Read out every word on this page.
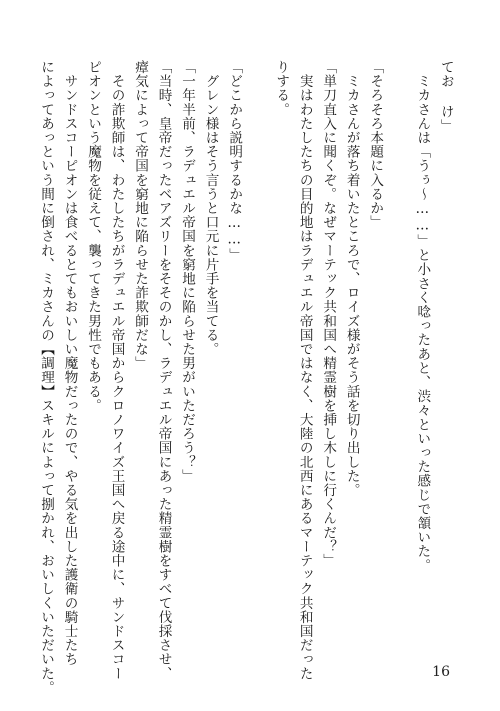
てお け」
　ミカさんは「うぅ〜……」と小さく唸ったあと、渋々といった感じで頷いた。
「そろそろ本題に入るか」
　ミカさんが落ち着いたところで、ロイズ様がそう話を切り出した。
「単刀直入に聞くぞ。なぜマーテック共和国へ精霊樹を挿し木しに行くんだ？」
　実はわたしたちの目的地はラデュエル帝国ではなく、大陸の北西にあるマーテック共和国だった
りする。
「どこから説明するかな……」
　グレン様はそう言うと口元に片手を当てる。
「一年半前、ラデュエル帝国を窮地に陥らせた男がいただろう？」
「当時、皇帝だったベアズリーをそそのかし、ラデュエル帝国にあった精霊樹をすべて伐採させ、
瘴気によって帝国を窮地に陥らせた詐欺師だな」
　その詐欺師は、わたしたちがラデュエル帝国からクロノワイズ王国へ戻る途中に、サンドスコー
ピオンという魔物を従えて、襲ってきた男性でもある。
　サンドスコーピオンは食べるとてもおいしい魔物だったので、やる気を出した護衛の騎士たち
によってあっという間に倒され、ミカさんの【調理】スキルによって捌かれ、おいしくいただいた。	16
